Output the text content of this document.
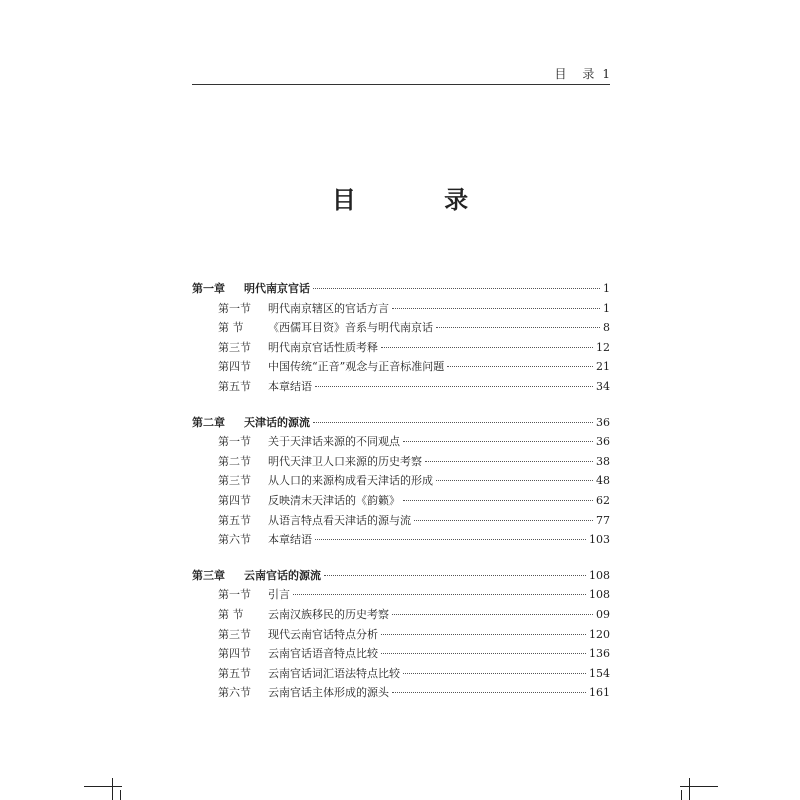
目 录 1
目 录
第一章	明代南京官话	1
第一节	明代南京辖区的官话方言	1
第 节	《西儒耳目资》音系与明代南京话	8
第三节	明代南京官话性质考释	12
第四节	中国传统“正音”观念与正音标准问题	21
第五节	本章结语	34
第二章	天津话的源流	36
第一节	关于天津话来源的不同观点	36
第二节	明代天津卫人口来源的历史考察	38
第三节	从人口的来源构成看天津话的形成	48
第四节	反映清末天津话的《韵籁》	62
第五节	从语言特点看天津话的源与流	77
第六节	本章结语	103
第三章	云南官话的源流	108
第一节	引言	108
第 节	云南汉族移民的历史考察	09
第三节	现代云南官话特点分析	120
第四节	云南官话语音特点比较	136
第五节	云南官话词汇语法特点比较	154
第六节	云南官话主体形成的源头	161
